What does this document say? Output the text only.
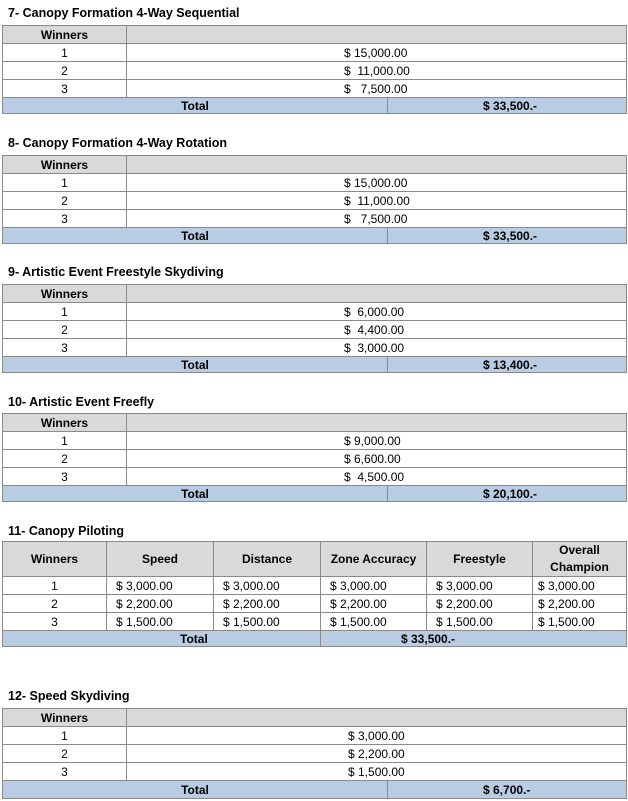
7- Canopy Formation 4-Way Sequential
Winners		
1	$ 15,000.00	
2	$  11,000.00	
3	$   7,500.00	
Total		$ 33,500.-
8- Canopy Formation 4-Way Rotation
Winners		
1	$ 15,000.00	
2	$  11,000.00	
3	$   7,500.00	
Total		$ 33,500.-
9- Artistic Event Freestyle Skydiving
Winners		
1	$  6,000.00	
2	$  4,400.00	
3	$  3,000.00	
Total		$ 13,400.-
10- Artistic Event Freefly
Winners		
1	$ 9,000.00	
2	$ 6,600.00	
3	$  4,500.00	
Total		$ 20,100.-
11- Canopy Piloting
Winners	Speed	Distance	Zone Accuracy	Freestyle	Overall Champion
1	$ 3,000.00	$ 3,000.00	$ 3,000.00	$ 3,000.00	$ 3,000.00
2	$ 2,200.00	$ 2,200.00	$ 2,200.00	$ 2,200.00	$ 2,200.00
3	$ 1,500.00	$ 1,500.00	$ 1,500.00	$ 1,500.00	$ 1,500.00
Total			$ 33,500.-		
12- Speed Skydiving
Winners		
1	$ 3,000.00	
2	$ 2,200.00	
3	$ 1,500.00	
Total		$ 6,700.-
